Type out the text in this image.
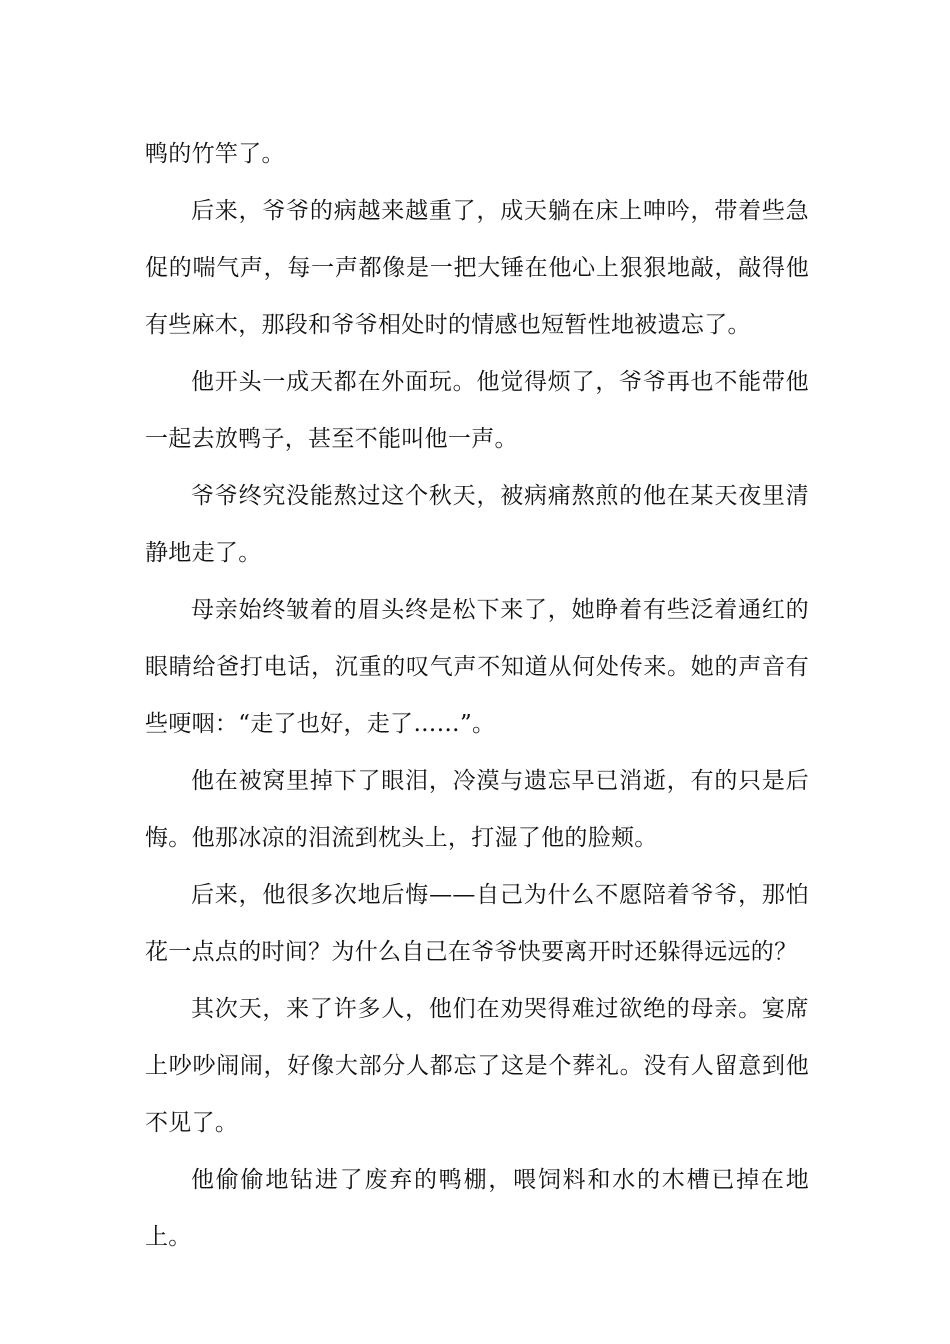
鸭的竹竿了。

后来，爷爷的病越来越重了，成天躺在床上呻吟，带着些急促的喘气声，每一声都像是一把大锤在他心上狠狠地敲，敲得他有些麻木，那段和爷爷相处时的情感也短暂性地被遗忘了。

他开头一成天都在外面玩。他觉得烦了，爷爷再也不能带他一起去放鸭子，甚至不能叫他一声。

爷爷终究没能熬过这个秋天，被病痛熬煎的他在某天夜里清静地走了。

母亲始终皱着的眉头终是松下来了，她睁着有些泛着通红的眼睛给爸打电话，沉重的叹气声不知道从何处传来。她的声音有些哽咽：“走了也好，走了……”。

他在被窝里掉下了眼泪，冷漠与遗忘早已消逝，有的只是后悔。他那冰凉的泪流到枕头上，打湿了他的脸颊。

后来，他很多次地后悔——自己为什么不愿陪着爷爷，那怕花一点点的时间？为什么自己在爷爷快要离开时还躲得远远的？

其次天，来了许多人，他们在劝哭得难过欲绝的母亲。宴席上吵吵闹闹，好像大部分人都忘了这是个葬礼。没有人留意到他不见了。

他偷偷地钻进了废弃的鸭棚，喂饲料和水的木槽已掉在地上。
